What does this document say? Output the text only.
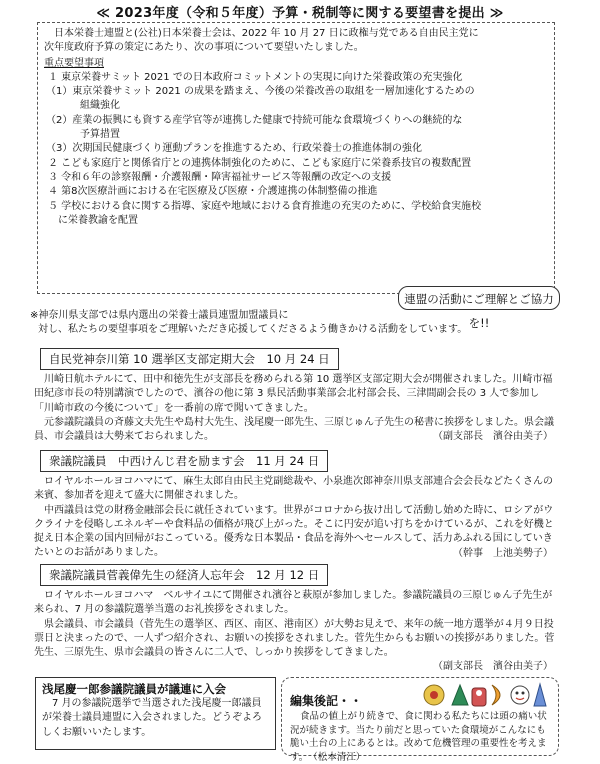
≪ 2023年度（令和５年度）予算・税制等に関する要望書を提出 ≫

日本栄養士連盟と(公社)日本栄養士会は、2022 年 10 月 27 日に政権与党である自由民主党に

次年度政府予算の策定にあたり、次の事項について要望いたしました。

重点要望事項

１ 東京栄養サミット 2021 での日本政府コミットメントの実現に向けた栄養政策の充実強化

（1）東京栄養サミット 2021 の成果を踏まえ、今後の栄養改善の取組を一層加速化するための

組織強化

（2）産業の振興にも資する産学官等が連携した健康で持続可能な食環境づくりへの継続的な

予算措置

（3）次期国民健康づくり運動プランを推進するため、行政栄養士の推進体制の強化

２ こども家庭庁と関係省庁との連携体制強化のために、こども家庭庁に栄養系技官の複数配置

３ 令和６年の診察報酬・介護報酬・障害福祉サービス等報酬の改定への支援

４ 第8次医療計画における在宅医療及び医療・介護連携の体制整備の推進

５ 学校における食に関する指導、家庭や地域における食育推進の充実のために、学校給食実施校

に栄養教諭を配置

連盟の活動にご理解とご協力を!!

※神奈川県支部では県内選出の栄養士議員連盟加盟議員に

対し、私たちの要望事項をご理解いただき応援してくださるよう働きかける活動をしています。

自民党神奈川第 10 選挙区支部定期大会　10 月 24 日

川崎日航ホテルにて、田中和徳先生が支部長を務められる第 10 選挙区支部定期大会が開催されました。川崎市福田紀彦市長の特別講演でしたので、濱谷の他に第 3 県民活動事業部会北村部会長、三津間副会長の 3 人で参加し「川崎市政の今後について」を一番前の席で聞いてきました。

元参議院議員の斉藤文夫先生や島村大先生、浅尾慶一郎先生、三原じゅん子先生の秘書に挨拶をしました。県会議員、市会議員は大勢来ておられました。	（副支部長　濱谷由美子）

衆議院議員　中西けんじ君を励ます会　11 月 24 日

ロイヤルホールヨコハマにて、麻生太郎自由民主党副総裁や、小泉進次郎神奈川県支部連合会会長などたくさんの来賓、参加者を迎えて盛大に開催されました。

中西議員は党の財務金融部会長に就任されています。世界がコロナから抜け出して活動し始めた時に、ロシアがウクライナを侵略しエネルギーや食料品の価格が飛び上がった。そこに円安が追い打ちをかけているが、これを好機と捉え日本企業の国内回帰がおこっている。優秀な日本製品・食品を海外へセールスして、活力あふれる国にしていきたいとのお話がありました。	（幹事　上池美勢子）

衆議院議員菅義偉先生の経済人忘年会　12 月 12 日

ロイヤルホールヨコハマ　ベルサイユにて開催され濱谷と萩原が参加しました。参議院議員の三原じゅん子先生が来られ、7 月の参議院選挙当選のお礼挨拶をされました。

県会議員、市会議員（菅先生の選挙区、西区、南区、港南区）が大勢お見えで、来年の統一地方選挙が４月９日投票日と決まったので、一人ずつ紹介され、お願いの挨拶をされました。菅先生からもお願いの挨拶がありました。菅先生、三原先生、県市会議員の皆さんに二人で、しっかり挨拶をしてきました。

（副支部長　濱谷由美子）

浅尾慶一郎参議院議員が議連に入会

7 月の参議院選挙で当選された浅尾慶一郎議員が栄養士議員連盟に入会されました。どうぞよろしくお願いいたします。

編集後記・・

食品の値上がり続きで、食に関わる私たちには頭の痛い状況が続きます。当たり前だと思っていた食環境がこんなにも脆い土台の上にあるとは。改めて危機管理の重要性を考えます。　（松本清江）
